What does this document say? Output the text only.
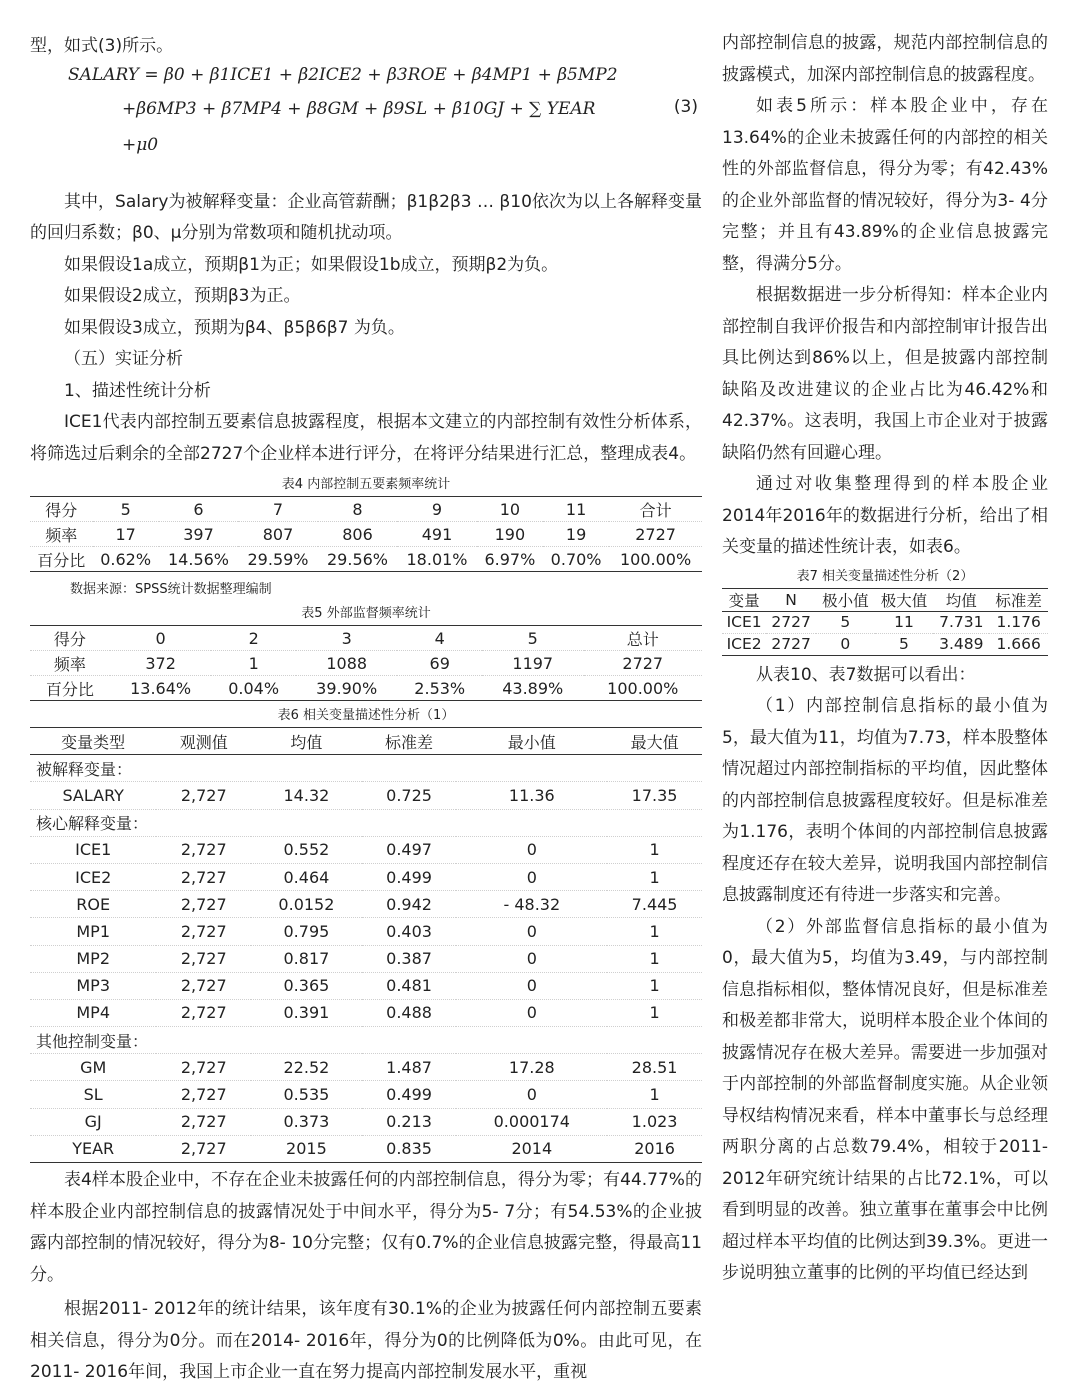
型，如式(3)所示。

SALARY = β0 + β1ICE1 + β2ICE2 + β3ROE + β4MP1 + β5MP2
+β6MP3 + β7MP4 + β8GM + β9SL + β10GJ + ∑ YEAR
+μ0
(3)

其中，Salary为被解释变量：企业高管薪酬；β1β2β3 … β10依次为以上各解释变量的回归系数；β0、μ分别为常数项和随机扰动项。

如果假设1a成立，预期β1为正；如果假设1b成立，预期β2为负。

如果假设2成立，预期β3为正。

如果假设3成立，预期为β4、β5β6β7 为负。

（五）实证分析

1、描述性统计分析

ICE1代表内部控制五要素信息披露程度，根据本文建立的内部控制有效性分析体系，将筛选过后剩余的全部2727个企业样本进行评分，在将评分结果进行汇总，整理成表4。

表4 内部控制五要素频率统计
得分	5	6	7	8	9	10	11	合计
频率	17	397	807	806	491	190	19	2727
百分比	0.62%	14.56%	29.59%	29.56%	18.01%	6.97%	0.70%	100.00%
数据来源：SPSS统计数据整理编制
表5 外部监督频率统计
得分	0	2	3	4	5	总计
频率	372	1	1088	69	1197	2727
百分比	13.64%	0.04%	39.90%	2.53%	43.89%	100.00%
表6 相关变量描述性分析（1）
变量类型	观测值	均值	标准差	最小值	最大值
被解释变量：					
SALARY	2,727	14.32	0.725	11.36	17.35
核心解释变量：					
ICE1	2,727	0.552	0.497	0	1
ICE2	2,727	0.464	0.499	0	1
ROE	2,727	0.0152	0.942	- 48.32	7.445
MP1	2,727	0.795	0.403	0	1
MP2	2,727	0.817	0.387	0	1
MP3	2,727	0.365	0.481	0	1
MP4	2,727	0.391	0.488	0	1
其他控制变量：					
GM	2,727	22.52	1.487	17.28	28.51
SL	2,727	0.535	0.499	0	1
GJ	2,727	0.373	0.213	0.000174	1.023
YEAR	2,727	2015	0.835	2014	2016

表4样本股企业中，不存在企业未披露任何的内部控制信息，得分为零；有44.77%的样本股企业内部控制信息的披露情况处于中间水平，得分为5- 7分；有54.53%的企业披露内部控制的情况较好，得分为8- 10分完整；仅有0.7%的企业信息披露完整，得最高11分。

根据2011- 2012年的统计结果，该年度有30.1%的企业为披露任何内部控制五要素相关信息，得分为0分。而在2014- 2016年，得分为0的比例降低为0%。由此可见，在2011- 2016年间，我国上市企业一直在努力提高内部控制发展水平，重视

内部控制信息的披露，规范内部控制信息的披露模式，加深内部控制信息的披露程度。

如表5所示：样本股企业中，存在13.64%的企业未披露任何的内部控的相关性的外部监督信息，得分为零；有42.43%的企业外部监督的情况较好，得分为3- 4分完整；并且有43.89%的企业信息披露完整，得满分5分。

根据数据进一步分析得知：样本企业内部控制自我评价报告和内部控制审计报告出具比例达到86%以上，但是披露内部控制缺陷及改进建议的企业占比为46.42%和42.37%。这表明，我国上市企业对于披露缺陷仍然有回避心理。

通过对收集整理得到的样本股企业2014年2016年的数据进行分析，给出了相关变量的描述性统计表，如表6。

表7 相关变量描述性分析（2）
变量	N	极小值	极大值	均值	标准差
ICE1	2727	5	11	7.731	1.176
ICE2	2727	0	5	3.489	1.666

从表10、表7数据可以看出：

（1）内部控制信息指标的最小值为5，最大值为11，均值为7.73，样本股整体情况超过内部控制指标的平均值，因此整体的内部控制信息披露程度较好。但是标准差为1.176，表明个体间的内部控制信息披露程度还存在较大差异，说明我国内部控制信息披露制度还有待进一步落实和完善。

（2）外部监督信息指标的最小值为0，最大值为5，均值为3.49，与内部控制信息指标相似，整体情况良好，但是标准差和极差都非常大，说明样本股企业个体间的披露情况存在极大差异。需要进一步加强对于内部控制的外部监督制度实施。从企业领导权结构情况来看，样本中董事长与总经理两职分离的占总数79.4%，相较于2011- 2012年研究统计结果的占比72.1%，可以看到明显的改善。独立董事在董事会中比例超过样本平均值的比例达到39.3%。更进一步说明独立董事的比例的平均值已经达到
